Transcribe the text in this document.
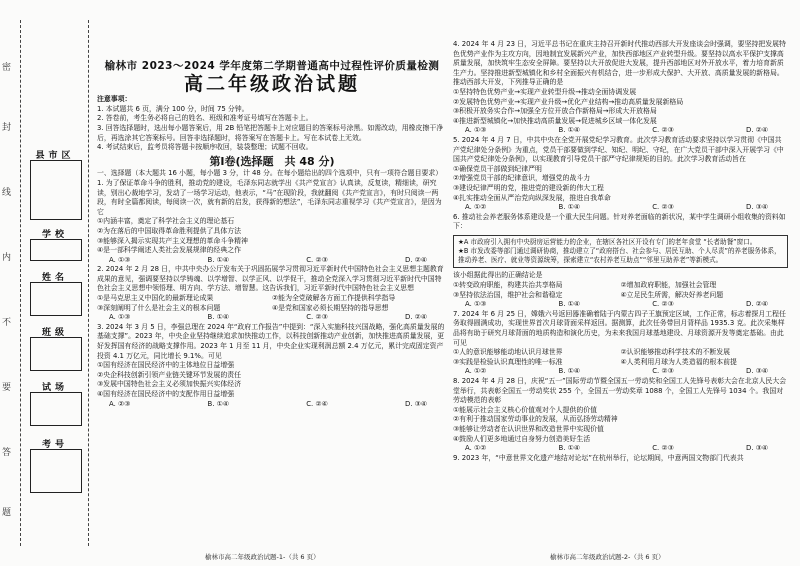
密
封
线
内
不
要
答
题
县市区
学校
姓名
班级
试场
考号
榆林市 2023～2024 学年度第二学期普通高中过程性评价质量检测
高二年级政治试题

注意事项：

1. 本试题共 6 页，满分 100 分，时间 75 分钟。

2. 答卷前，考生务必将自己的姓名、班级和准考证号填写在答题卡上。

3. 回答选择题时，选出每小题答案后，用 2B 铅笔把答题卡上对应题目的答案标号涂黑。如需改动，用橡皮擦干净后，再选涂其它答案标号。回答非选择题时，将答案写在答题卡上。写在本试卷上无效。

4. 考试结束后，监考员将答题卡按顺序收回，装袋整理；试题不回收。

第Ⅰ卷(选择题　共 48 分)

一、选择题（本大题共 16 小题，每小题 3 分，计 48 分。在每小题给出的四个选项中，只有一项符合题目要求）

1. 为了保证革命斗争的胜利，推动党的建设，毛泽东同志就学出《共产党宣言》认真读，反复读，精细读，研究读，别出心裁地学习，发动了一场学习运动，他表示，“马”在现阶段，我就翻阅《共产党宣言》，有时只阅读一两段，有时全篇都阅读，每阅读一次，就有新的启发，获得新的想法”，毛泽东同志重视学习《共产党宣言》，是因为它

①内涵丰富，奠定了科学社会主义的理论基石

②为在落后的中国取得革命胜利提供了具体方法

③能够深入揭示实现共产主义理想的革命斗争精神

④是一部科学阐述人类社会发展规律的经典之作

A. ①③	B. ①④	C. ②③	D. ②④

2. 2024 年 2 月 28 日，中共中央办公厅发布关于巩固拓展学习贯彻习近平新时代中国特色社会主义思想主题教育成果的意见，强调要坚持以学铸魂、以学增智、以学正风、以学促干，推动全党深入学习贯彻习近平新时代中国特色社会主义思想中领悟理、明方向、学方法、增智慧。这告诉我们，习近平新时代中国特色社会主义思想

①是马克思主义中国化的最新理论成果	②能为全党破解各方面工作提供科学指导
③深刻阐明了什么是社会主义的根本问题	④是党和国家必须长期坚持的指导思想
A. ①③	B. ①④	C. ②③	D. ②④

3. 2024 年 3 月 5 日，李强总理在 2024 年“政府工作报告”中提到：“深入实施科技兴国战略，强化高质量发展的基础支撑”。2023 年，中央企业坚持继续追求加快推动工作，以科技创新推动产业创新，加快推进高质量发展，更好发挥国有经济的战略支撑作用。2023 年 1 月至 11 月，中央企业实现利润总额 2.4 万亿元，累计完成固定资产投资 4.1 万亿元，同比增长 9.1%。可见

①国有经济在国民经济中的主体地位日益增强

②央企科技创新引领产业链关键环节发展的责任

③发展中国特色社会主义必须加快振兴实体经济

④国有经济在国民经济中的支配作用日益增强

A. ②③	B. ①④	C. ②④	D. ③④

4. 2024 年 4 月 23 日，习近平总书记在重庆主持召开新时代推动西部大开发座谈会时强调，要坚持把发展特色优势产业作为主攻方向，因地制宜发展新兴产业，加快西部地区产业转型升级。要坚持以高水平保护支撑高质量发展，加快筑牢生态安全屏障。要坚持以大开放促进大发展，提升西部地区对外开放水平，着力培育新质生产力。坚持推进新型城镇化和乡村全面振兴有机结合，进一步形成大保护、大开放、高质量发展的新格局。推动西部大开发，下列推导正确的是

①坚持特色优势产业→实现产业转型升级→推动全面协调发展

②发展特色优势产业→实现产业升级→优化产业结构→推动高质量发展新格局

③积极开放务实合作→加强全方位开放合作新格局→形成大开放格局

④推进新型城镇化→加快推动高质量发展→促进城乡区域一体化发展

A. ①③	B. ①④	C. ②③	D. ②④

5. 2024 年 4 月 7 日，中共中央在全党开展党纪学习教育。此次学习教育活动要求坚持以学习贯彻《中国共产党纪律处分条例》为重点，党员干部要做到学纪、知纪、明纪、守纪，在广大党员干部中深入开展学习《中国共产党纪律处分条例》，以实现教育引导党员干部严守纪律规矩的目的。此次学习教育活动旨在

①确保党员干部做到纪律严明

②增强党员干部的纪律意识，增强党的战斗力

③建设纪律严明的党，推进党的建设新的伟大工程

④扎实推动全面从严治党向纵深发展，推进自我革命

A. ①②	B. ①④	C. ②③	D. ③④

6. 推动社会养老服务体系建设是一个重大民生问题。针对养老面临的新状况，某中学生调研小组收集的资料如下：

★A 市政府引入拥有中央厨房运营能力的企业，在辖区各社区开设有专门的老年食堂 “长者助餐”窗口。

★B 市发改委等部门通过调研协商，推动建立了“政府搭台、社会参与、居民互助、个人尽责”的养老服务体系，推动养老、医疗、就业等资源统筹，探索建立“农村养老互助点”“邻里互助养老”等新模式。

该小组据此得出的正确结论是

①转变政府职能，构建共治共享格局	②增加政府职能，加强社会管理
③坚持依法治国，维护社会和谐稳定	④立足民生所需，解决好养老问题
A. ①③	B. ①④	C. ②③	D. ②④

7. 2024 年 6 月 25 日，嫦娥六号返回器准确着陆于内蒙古四子王旗预定区域，工作正常，标志着探月工程任务取得圆满成功，实现世界首次月球背面采样返回。据测算，此次任务带回月背样品 1935.3 克。此次采集样品将有助于研究月球背面的地质构造和演化历史，为未来我国月球基地建设、月球资源开发等奠定基础。由此可见

①人的意识能够能动地认识月球世界	②认识能够推动科学技术的不断发展
③实践是检验认识真理性的唯一标准	④人类利用月球为人类造福的根本前提
A. ①②	B. ①④	C. ②③	D. ③④

8. 2024 年 4 月 28 日，庆祝“五一”国际劳动节暨全国五一劳动奖和全国工人先锋号表彰大会在北京人民大会堂举行，共表彰全国五一劳动奖状 255 个，全国五一劳动奖章 1088 个，全国工人先锋号 1034 个。我国对劳动模范的表彰

①能展示社会主义核心价值观对个人提供的价值

②有利于推动国家劳动事业的发展，从而弘扬劳动精神

③能够让劳动者在认识世界和改造世界中实现价值

④鼓励人们更多地通过自身努力创造美好生活

A. ①②	B. ①④	C. ②③	D. ③④

9. 2023 年，“中意世界文化遗产地结对论坛”在杭州举行，论坛期间，中意两国文物部门代表共

榆林市高二年级政治试题-1-（共 6 页）	榆林市高二年级政治试题-2-（共 6 页）
